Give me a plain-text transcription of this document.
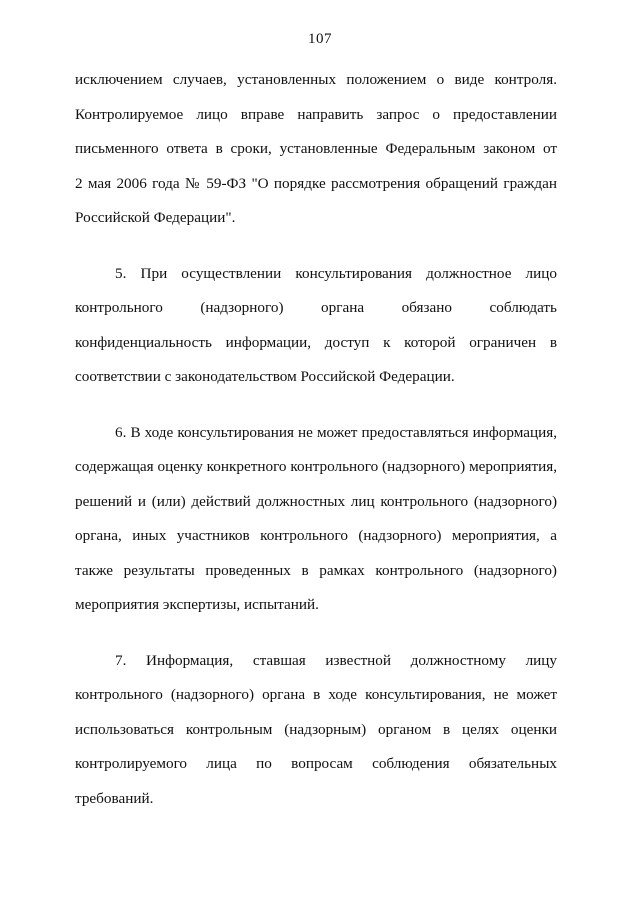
107
исключением случаев, установленных положением о виде контроля.
Контролируемое лицо вправе направить запрос о предоставлении
письменного ответа в сроки, установленные Федеральным законом от
2 мая 2006 года № 59-ФЗ "О порядке рассмотрения обращений граждан
Российской Федерации".
5. При осуществлении консультирования должностное лицо
контрольного (надзорного) органа обязано соблюдать
конфиденциальность информации, доступ к которой ограничен в
соответствии с законодательством Российской Федерации.
6. В ходе консультирования не может предоставляться информация,
содержащая оценку конкретного контрольного (надзорного) мероприятия,
решений и (или) действий должностных лиц контрольного (надзорного)
органа, иных участников контрольного (надзорного) мероприятия, а
также результаты проведенных в рамках контрольного (надзорного)
мероприятия экспертизы, испытаний.
7. Информация, ставшая известной должностному лицу
контрольного (надзорного) органа в ходе консультирования, не может
использоваться контрольным (надзорным) органом в целях оценки
контролируемого лица по вопросам соблюдения обязательных
требований.
